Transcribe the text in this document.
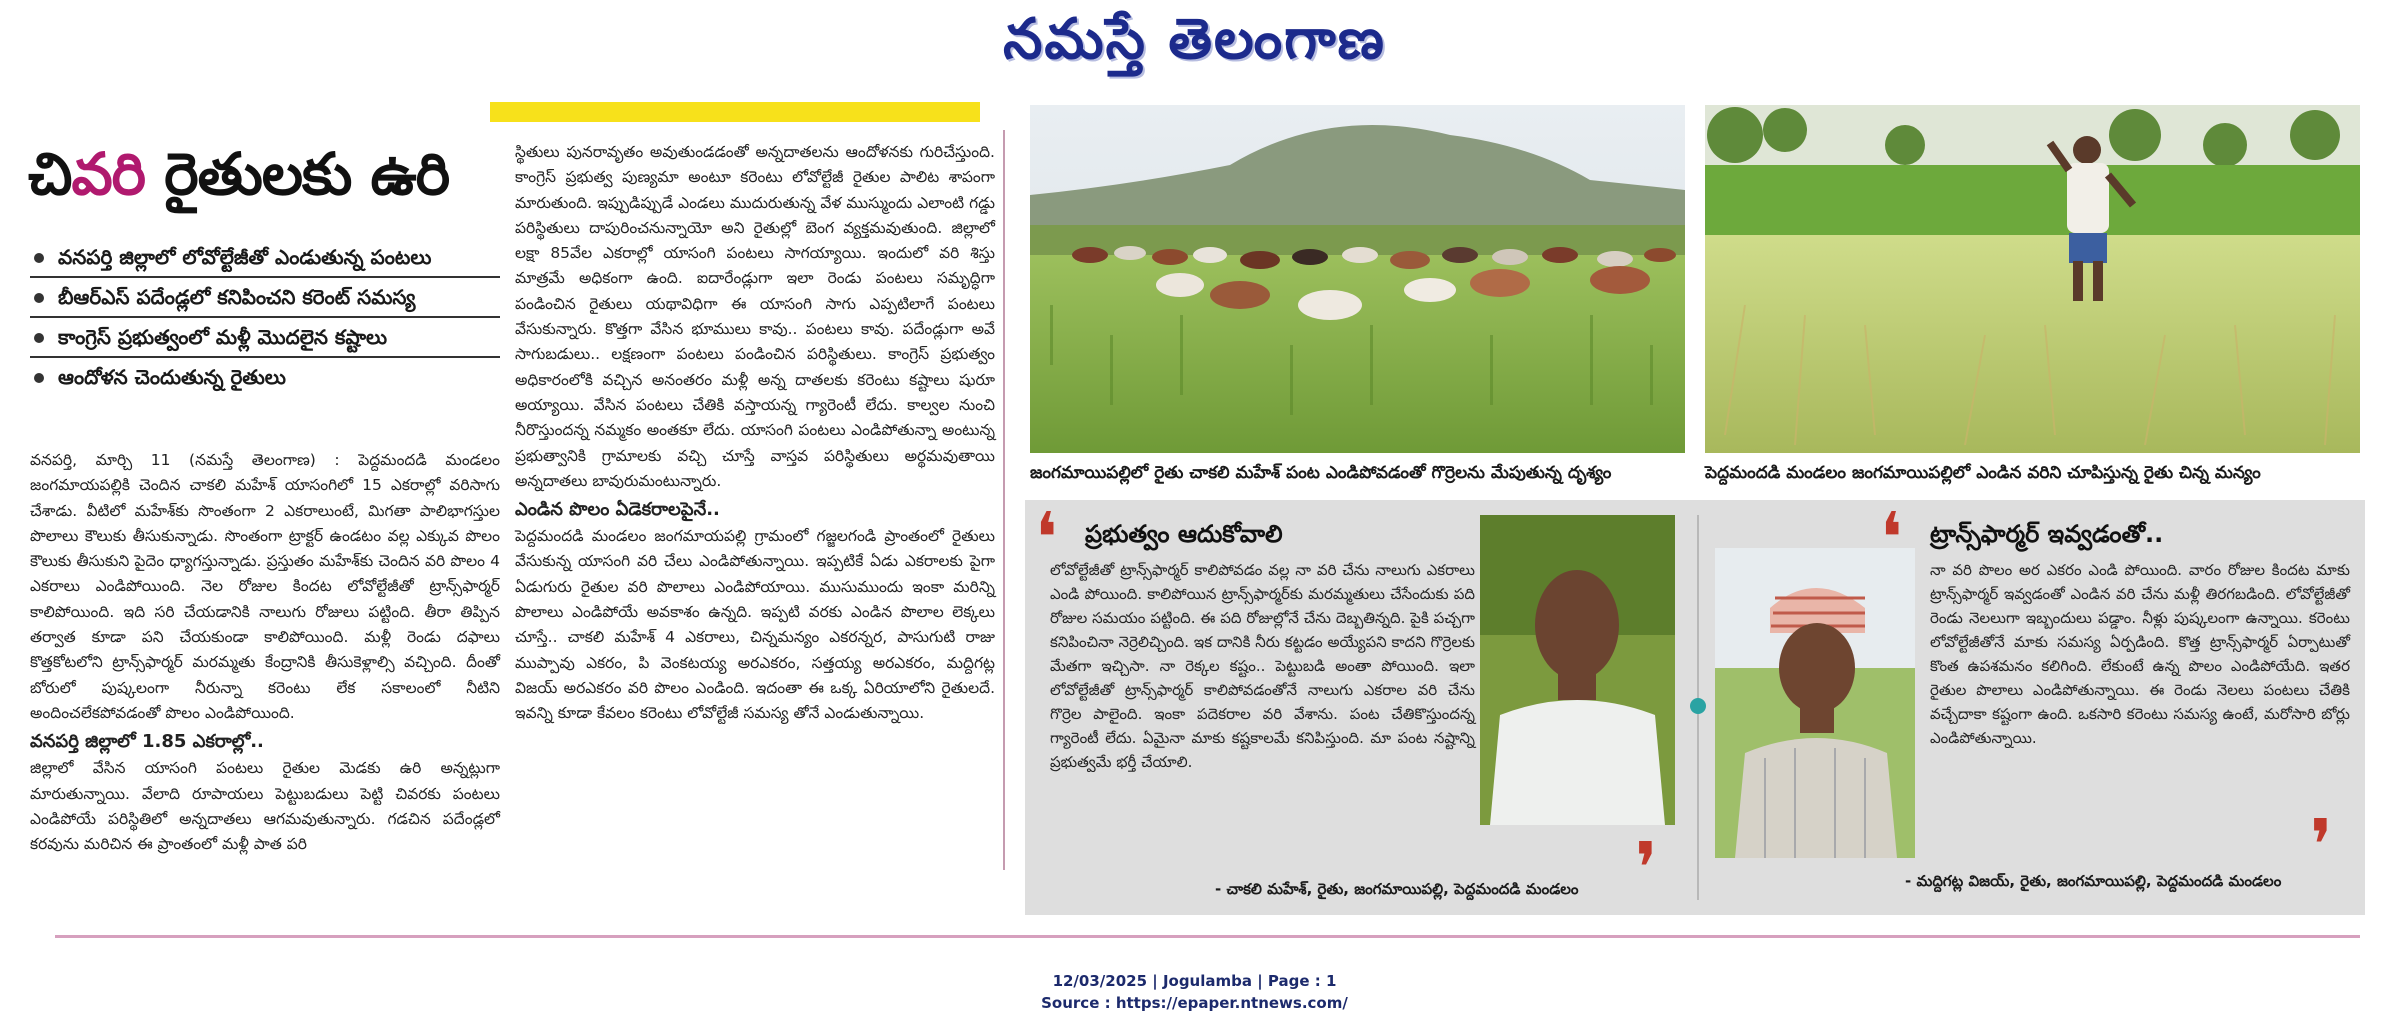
నమస్తే తెలంగాణ
చివరి రైతులకు ఉరి
వనపర్తి జిల్లాలో లోవోల్టేజీతో ఎండుతున్న పంటలు
బీఆర్ఎస్ పదేండ్లలో కనిపించని కరెంట్ సమస్య
కాంగ్రెస్ ప్రభుత్వంలో మళ్లీ మొదలైన కష్టాలు
ఆందోళన చెందుతున్న రైతులు
వనపర్తి, మార్చి 11 (నమస్తే తెలంగాణ) : పెద్దమందడి మండలం జంగమాయపల్లికి చెందిన చాకలి మహేశ్ యాసంగిలో 15 ఎకరాల్లో వరిసాగు చేశాడు. వీటిలో మహేశ్‌కు సొంతంగా 2 ఎకరాలుంటే, మిగతా పాలిభాగస్తుల పొలాలు కౌలుకు తీసుకున్నాడు. సొంతంగా ట్రాక్టర్ ఉండటం వల్ల ఎక్కువ పొలం కౌలుకు తీసుకుని పైదెం ధ్యాగస్తున్నాడు. ప్రస్తుతం మహేశ్‌కు చెందిన వరి పొలం 4 ఎకరాలు ఎండిపోయింది. నెల రోజుల కిందట లోవోల్టేజీతో ట్రాన్స్‌ఫార్మర్ కాలిపోయింది. ఇది సరి చేయడానికి నాలుగు రోజులు పట్టింది. తీరా తిప్పిన తర్వాత కూడా పని చేయకుండా కాలిపోయింది. మళ్లీ రెండు దఫాలు కొత్తకోటలోని ట్రాన్స్‌ఫార్మర్ మరమ్మతు కేంద్రానికి తీసుకెళ్లాల్సి వచ్చింది. దీంతో బోరులో పుష్కలంగా నీరున్నా కరెంటు లేక సకాలంలో నీటిని అందించలేకపోవడంతో పొలం ఎండిపోయింది.
వనపర్తి జిల్లాలో 1.85 ఎకరాల్లో..
జిల్లాలో వేసిన యాసంగి పంటలు రైతుల మెడకు ఉరి అన్నట్లుగా మారుతున్నాయి. వేలాది రూపాయలు పెట్టుబడులు పెట్టి చివరకు పంటలు ఎండిపోయే పరిస్థితిలో అన్నదాతలు ఆగమవుతున్నారు. గడచిన పదేండ్లలో కరవును మరిచిన ఈ ప్రాంతంలో మళ్లీ పాత పరి
స్థితులు పునరావృతం అవుతుండడంతో అన్నదాతలను ఆందోళనకు గురిచేస్తుంది. కాంగ్రెస్ ప్రభుత్వ పుణ్యమా అంటూ కరెంటు లోవోల్టేజీ రైతుల పాలిట శాపంగా మారుతుంది. ఇప్పుడిప్పుడే ఎండలు ముదురుతున్న వేళ ముస్ముందు ఎలాంటి గడ్డు పరిస్థితులు దాపురించనున్నాయో అని రైతుల్లో బెంగ వ్యక్తమవుతుంది. జిల్లాలో లక్షా 85వేల ఎకరాల్లో యాసంగి పంటలు సాగయ్యాయి. ఇందులో వరి శిస్తు మాత్రమే అధికంగా ఉంది. ఐదారేండ్లుగా ఇలా రెండు పంటలు సమృద్ధిగా పండించిన రైతులు యథావిధిగా ఈ యాసంగి సాగు ఎప్పటిలాగే పంటలు వేసుకున్నారు. కొత్తగా వేసిన భూములు కావు.. పంటలు కావు. పదేండ్లుగా అవే సాగుబడులు.. లక్షణంగా పంటలు పండించిన పరిస్థితులు. కాంగ్రెస్ ప్రభుత్వం అధికారంలోకి వచ్చిన అనంతరం మళ్లీ అన్న దాతలకు కరెంటు కష్టాలు షురూ అయ్యాయి. వేసిన పంటలు చేతికి వస్తాయన్న గ్యారెంటీ లేదు. కాల్వల నుంచి నీరొస్తుందన్న నమ్మకం అంతకూ లేదు. యాసంగి పంటలు ఎండిపోతున్నా అంటున్న ప్రభుత్వానికి గ్రామాలకు వచ్చి చూస్తే వాస్తవ పరిస్థితులు అర్థమవుతాయి అన్నదాతలు బావురుమంటున్నారు.
ఎండిన పొలం ఏడెకరాలపైనే..
పెద్దమందడి మండలం జంగమాయపల్లి గ్రామంలో గజ్జలగండి ప్రాంతంలో రైతులు వేసుకున్న యాసంగి వరి చేలు ఎండిపోతున్నాయి. ఇప్పటికే ఏడు ఎకరాలకు పైగా ఏడుగురు రైతుల వరి పొలాలు ఎండిపోయాయి. ముసుముందు ఇంకా మరిన్ని పొలాలు ఎండిపోయే అవకాశం ఉన్నది. ఇప్పటి వరకు ఎండిన పొలాల లెక్కలు చూస్తే.. చాకలి మహేశ్ 4 ఎకరాలు, చిన్నమన్యం ఎకరన్నర, పాసుగుటి రాజు ముప్పావు ఎకరం, పి వెంకటయ్య అరఎకరం, సత్తయ్య అరఎకరం, మద్దిగట్ల విజయ్ అరఎకరం వరి పొలం ఎండింది. ఇదంతా ఈ ఒక్క ఏరియాలోని రైతులదే. ఇవన్ని కూడా కేవలం కరెంటు లోవోల్టేజీ సమస్య తోనే ఎండుతున్నాయి.
జంగమాయిపల్లిలో రైతు చాకలి మహేశ్ పంట ఎండిపోవడంతో గొర్రెలను మేపుతున్న దృశ్యం	పెద్దమందడి మండలం జంగమాయిపల్లిలో ఎండిన వరిని చూపిస్తున్న రైతు చిన్న మన్యం
❛ ప్రభుత్వం ఆదుకోవాలి
లోవోల్టేజీతో ట్రాన్స్‌ఫార్మర్ కాలిపోవడం వల్ల నా వరి చేను నాలుగు ఎకరాలు ఎండి పోయింది. కాలిపోయిన ట్రాన్స్‌ఫార్మర్‌కు మరమ్మతులు చేసేందుకు పది రోజుల సమయం పట్టింది. ఈ పది రోజుల్లోనే చేను దెబ్బతిన్నది. పైకి పచ్చగా కనిపించినా నెర్రెలిచ్చింది. ఇక దానికి నీరు కట్టడం అయ్యేపని కాదని గొర్రెలకు మేతగా ఇచ్చిసా. నా రెక్కల కష్టం.. పెట్టుబడి అంతా పోయింది. ఇలా లోవోల్టేజీతో ట్రాన్స్‌ఫార్మర్ కాలిపోవడంతోనే నాలుగు ఎకరాల వరి చేను గొర్రెల పాలైంది. ఇంకా పదెకరాల వరి వేశాను. పంట చేతికొస్తుందన్న గ్యారెంటీ లేదు. ఏమైనా మాకు కష్టకాలమే కనిపిస్తుంది. మా పంట నష్టాన్ని ప్రభుత్వమే భర్తీ చేయాలి.
❜
- చాకలి మహేశ్, రైతు, జంగమాయిపల్లి, పెద్దమందడి మండలం
❛ ట్రాన్స్‌ఫార్మర్ ఇవ్వడంతో..
నా వరి పొలం అర ఎకరం ఎండి పోయింది. వారం రోజుల కిందట మాకు ట్రాన్స్‌ఫార్మర్ ఇవ్వడంతో ఎండిన వరి చేను మళ్లీ తిరగబడింది. లోవోల్టేజీతో రెండు నెలలుగా ఇబ్బందులు పడ్డాం. నీళ్లు పుష్కలంగా ఉన్నాయి. కరెంటు లోవోల్టేజీతోనే మాకు సమస్య ఏర్పడింది. కొత్త ట్రాన్స్‌ఫార్మర్ ఏర్పాటుతో కొంత ఉపశమనం కలిగింది. లేకుంటే ఉన్న పొలం ఎండిపోయేది. ఇతర రైతుల పొలాలు ఎండిపోతున్నాయి. ఈ రెండు నెలలు పంటలు చేతికి వచ్చేదాకా కష్టంగా ఉంది. ఒకసారి కరెంటు సమస్య ఉంటే, మరోసారి బోర్లు ఎండిపోతున్నాయి.
❜
- మద్దిగట్ల విజయ్, రైతు, జంగమాయిపల్లి, పెద్దమందడి మండలం
12/03/2025 | Jogulamba | Page : 1
Source : https://epaper.ntnews.com/
